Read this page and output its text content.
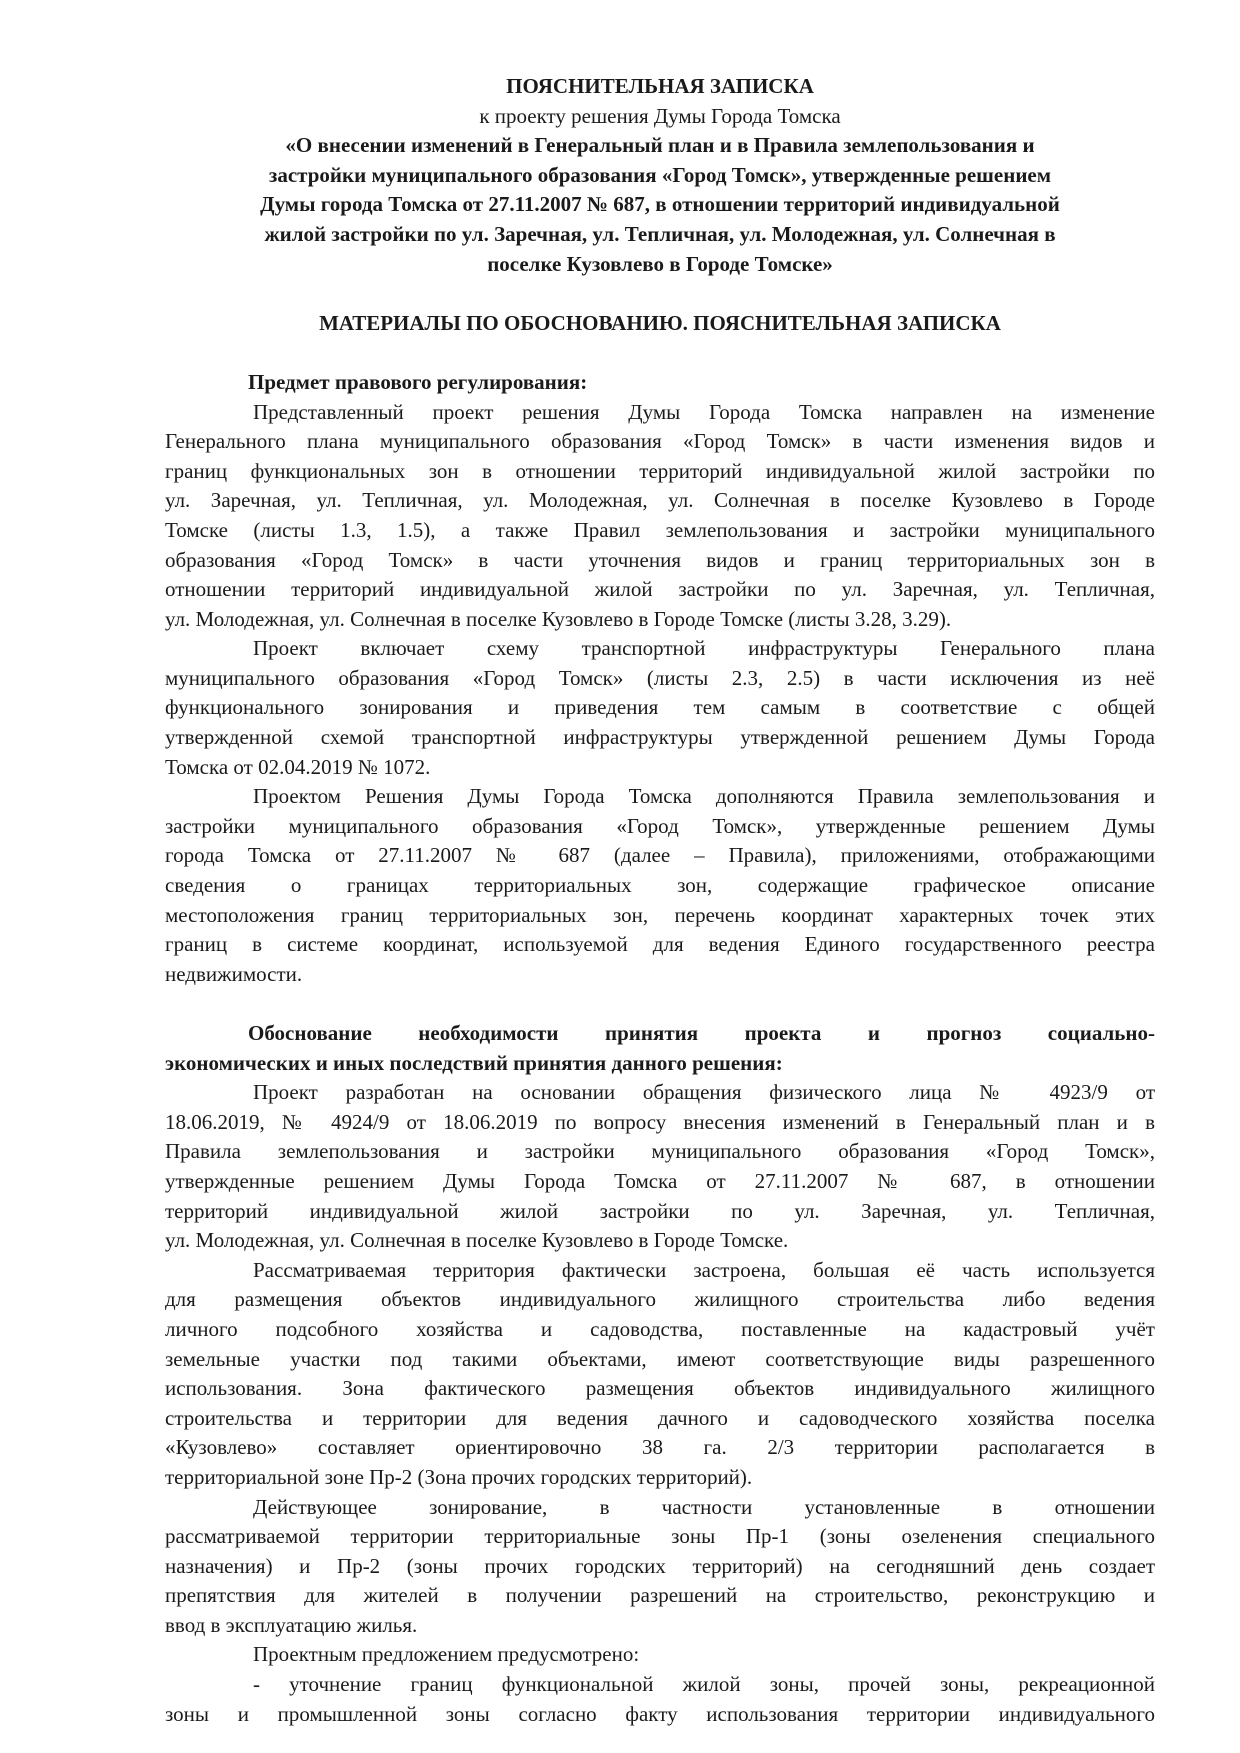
ПОЯСНИТЕЛЬНАЯ ЗАПИСКА
к проекту решения Думы Города Томска
«О внесении изменений в Генеральный план и в Правила землепользования и
застройки муниципального образования «Город Томск», утвержденные решением
Думы города Томска от 27.11.2007 № 687, в отношении территорий индивидуальной
жилой застройки по ул. Заречная, ул. Тепличная, ул. Молодежная, ул. Солнечная в
поселке Кузовлево в Городе Томске»
МАТЕРИАЛЫ ПО ОБОСНОВАНИЮ. ПОЯСНИТЕЛЬНАЯ ЗАПИСКА
Предмет правового регулирования:
Представленный проект решения Думы Города Томска направлен на изменение
Генерального плана муниципального образования «Город Томск» в части изменения видов и
границ функциональных зон в отношении территорий индивидуальной жилой застройки по
ул. Заречная, ул. Тепличная, ул. Молодежная, ул. Солнечная в поселке Кузовлево в Городе
Томске (листы 1.3, 1.5), а также Правил землепользования и застройки муниципального
образования «Город Томск» в части уточнения видов и границ территориальных зон в
отношении территорий индивидуальной жилой застройки по ул. Заречная, ул. Тепличная,
ул. Молодежная, ул. Солнечная в поселке Кузовлево в Городе Томске (листы 3.28, 3.29).
Проект включает схему транспортной инфраструктуры Генерального плана
муниципального образования «Город Томск» (листы 2.3, 2.5) в части исключения из неё
функционального зонирования и приведения тем самым в соответствие с общей
утвержденной схемой транспортной инфраструктуры утвержденной решением Думы Города
Томска от 02.04.2019 № 1072.
Проектом Решения Думы Города Томска дополняются Правила землепользования и
застройки муниципального образования «Город Томск», утвержденные решением Думы
города Томска от 27.11.2007 № 687 (далее – Правила), приложениями, отображающими
сведения о границах территориальных зон, содержащие графическое описание
местоположения границ территориальных зон, перечень координат характерных точек этих
границ в системе координат, используемой для ведения Единого государственного реестра
недвижимости.
Обоснование необходимости принятия проекта и прогноз социально-
экономических и иных последствий принятия данного решения:
Проект разработан на основании обращения физического лица № 4923/9 от
18.06.2019, № 4924/9 от 18.06.2019 по вопросу внесения изменений в Генеральный план и в
Правила землепользования и застройки муниципального образования «Город Томск»,
утвержденные решением Думы Города Томска от 27.11.2007 № 687, в отношении
территорий индивидуальной жилой застройки по ул. Заречная, ул. Тепличная,
ул. Молодежная, ул. Солнечная в поселке Кузовлево в Городе Томске.
Рассматриваемая территория фактически застроена, большая её часть используется
для размещения объектов индивидуального жилищного строительства либо ведения
личного подсобного хозяйства и садоводства, поставленные на кадастровый учёт
земельные участки под такими объектами, имеют соответствующие виды разрешенного
использования. Зона фактического размещения объектов индивидуального жилищного
строительства и территории для ведения дачного и садоводческого хозяйства поселка
«Кузовлево» составляет ориентировочно 38 га. 2/3 территории располагается в
территориальной зоне Пр-2 (Зона прочих городских территорий).
Действующее зонирование, в частности установленные в отношении
рассматриваемой территории территориальные зоны Пр-1 (зоны озеленения специального
назначения) и Пр-2 (зоны прочих городских территорий) на сегодняшний день создает
препятствия для жителей в получении разрешений на строительство, реконструкцию и
ввод в эксплуатацию жилья.
Проектным предложением предусмотрено:
- уточнение границ функциональной жилой зоны, прочей зоны, рекреационной
зоны и промышленной зоны согласно факту использования территории индивидуального
